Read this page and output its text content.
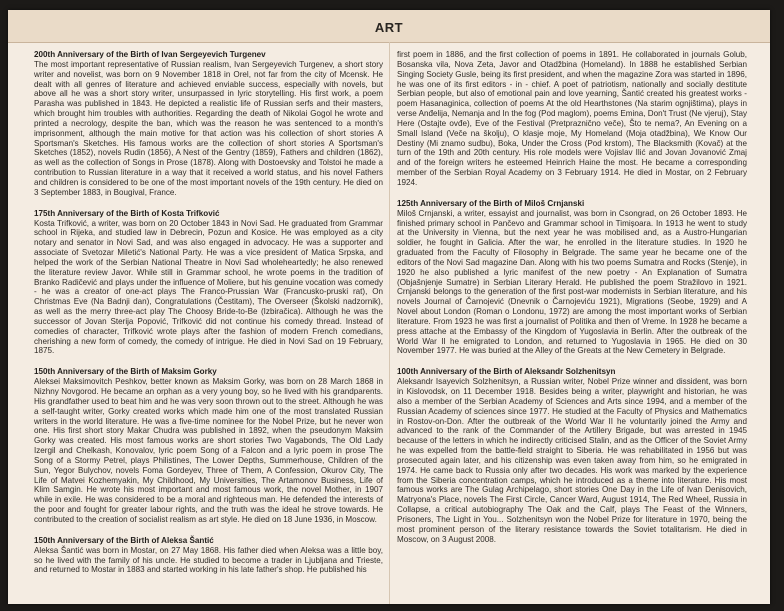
ART
200th Anniversary of the Birth of Ivan Sergeyevich Turgenev

The most important representative of Russian realism, Ivan Sergeyevich Turgenev, a short story writer and novelist, was born on 9 November 1818 in Orel, not far from the city of Mcensk. He dealt with all genres of literature and achieved enviable success, especially with novels, but above all he was a short story writer, unsurpassed in lyric storytelling. His first work, a poem Parasha was published in 1843. He depicted a realistic life of Russian serfs and their masters, which brought him troubles with authorities. Regarding the death of Nikolai Gogol he wrote and printed a necrology, despite the ban, which was the reason he was sentenced to a month's imprisonment, although the main motive for that action was his collection of short stories A Sportsman's Sketches. His famous works are the collection of short stories A Sportsman's Sketches (1852), novels Rudin (1856), A Nest of the Gentry (1859), Fathers and children (1862), as well as the collection of Songs in Prose (1878). Along with Dostoevsky and Tolstoi he made a contribution to Russian literature in a way that it received a world status, and his novel Fathers and children is considered to be one of the most important novels of the 19th century. He died on 3 September 1883, in Bougival, France.

175th Anniversary of the Birth of Kosta Trifković

Kosta Trifković, a writer, was born on 20 October 1843 in Novi Sad. He graduated from Grammar school in Rijeka, and studied law in Debrecin, Pozun and Kosice. He was employed as a city notary and senator in Novi Sad, and was also engaged in advocacy. He was a supporter and associate of Svetozar Miletić's National Party. He was a vice president of Matica Srpska, and helped the work of the Serbian National Theatre in Novi Sad wholeheartedly; he also renewed the literature review Javor. While still in Grammar school, he wrote poems in the tradition of Branko Radičević and plays under the influence of Moliere, but his genuine vocation was comedy - he was a creator of one-act plays The Franco-Prussian War (Francusko-pruski rat), On Christmas Eve (Na Badnji dan), Congratulations (Čestitam), The Overseer (Školski nadzornik), as well as the merry three-act play The Choosy Bride-to-Be (Izbiračica). Although he was the successor of Jovan Sterija Popović, Trifković did not continue his comedy thread. Instead of comedies of character, Trifković wrote plays after the fashion of modern French comedians, cherishing a new form of comedy, the comedy of intrigue. He died in Novi Sad on 19 February, 1875.

150th Anniversary of the Birth of Maksim Gorky

Aleksei Maksimovitch Peshkov, better known as Maksim Gorky, was born on 28 March 1868 in Nizhny Novgorod. He became an orphan as a very young boy, so he lived with his grandparents. His grandfather used to beat him and he was very soon thrown out to the street. Although he was a self-taught writer, Gorky created works which made him one of the most translated Russian writers in the world literature. He was a five-time nominee for the Nobel Prize, but he never won one. His first short story Makar Chudra was published in 1892, when the pseudonym Maksim Gorky was created. His most famous works are short stories Two Vagabonds, The Old Lady Izergil and Chelkash, Konovalov, lyric poem Song of a Falcon and a lyric poem in prose The Song of a Stormy Petrel, plays Philistines, The Lower Depths, Summerhouse, Children of the Sun, Yegor Bulychov, novels Foma Gordeyev, Three of Them, A Confession, Okurov City, The Life of Matvei Kozhemyakin, My Childhood, My Universities, The Artamonov Business, Life of Klim Samgin. He wrote his most important and most famous work, the novel Mother, in 1907 while in exile. He was considered to be a moral and righteous man. He defended the interests of the poor and fought for greater labour rights, and the truth was the ideal he strove towards. He contributed to the creation of socialist realism as art style. He died on 18 June 1936, in Moscow.

150th Anniversary of the Birth of Aleksa Šantić

Aleksa Šantić was born in Mostar, on 27 May 1868. His father died when Aleksa was a little boy, so he lived with the family of his uncle. He studied to become a trader in Ljubljana and Trieste, and returned to Mostar in 1883 and started working in his late father's shop. He published his

first poem in 1886, and the first collection of poems in 1891. He collaborated in journals Golub, Bosanska vila, Nova Zeta, Javor and Otadžbina (Homeland). In 1888 he established Serbian Singing Society Gusle, being its first president, and when the magazine Zora was started in 1896, he was one of its first editors - in - chief. A poet of patriotism, nationally and socially destitute Serbian people, but also of emotional pain and love yearning, Šantić created his greatest works - poem Hasanaginica, collection of poems At the old Hearthstones (Na starim ognjištima), plays in verse Anđelija, Nemanja and In the fog (Pod maglom), poems Emina, Don't Trust (Ne vjeruj), Stay Here (Ostajte ovđe), Eve of the Festival (Pretpraznično veče), Što te nema?, An Evening on a Small Island (Veče na školju), O klasje moje, My Homeland (Moja otadžbina), We Know Our Destiny (Mi znamo sudbu), Boka, Under the Cross (Pod krstom), The Blacksmith (Kovač) at the turn of the 19th and 20th century. His role models were Vojislav Ilić and Jovan Jovanović Zmaj and of the foreign writers he esteemed Heinrich Haine the most. He became a corresponding member of the Serbian Royal Academy on 3 February 1914. He died in Mostar, on 2 February 1924.

125th Anniversary of the Birth of Miloš Crnjanski

Miloš Crnjanski, a writer, essayist and journalist, was born in Csongrad, on 26 October 1893. He finished primary school in Pančevo and Grammar school in Timișoara. In 1913 he went to study at the University in Vienna, but the next year he was mobilised and, as a Austro-Hungarian soldier, he fought in Galicia. After the war, he enrolled in the literature studies. In 1920 he graduated from the Faculty of Filosophy in Belgrade. The same year he became one of the editors of the Novi Sad magazine Dan. Along with his two poems Sumatra and Rocks (Stenje), in 1920 he also published a lyric manifest of the new poetry - An Explanation of Sumatra (Objašnjenje Sumatre) in Serbian Literary Herald. He published the poem Stražilovo in 1921. Crnjanski belongs to the generation of the first post-war modernists in Serbian literature, and his novels Journal of Čarnojević (Dnevnik o Čarnojeviću 1921), Migrations (Seobe, 1929) and A Novel about London (Roman o Londonu, 1972) are among the most important works of Serbian literature. From 1923 he was first a journalist of Politika and then of Vreme. In 1928 he became a press attache at the Embassy of the Kingdom of Yugoslavia in Berlin. After the outbreak of the World War II he emigrated to London, and returned to Yugoslavia in 1965. He died on 30 November 1977. He was buried at the Alley of the Greats at the New Cemetery in Belgrade.

100th Anniversary of the Birth of Aleksandr Solzhenitsyn

Aleksandr Isayevich Solzhenitsyn, a Russian writer, Nobel Prize winner and dissident, was born in Kislovodsk, on 11 December 1918. Besides being a writer, playwright and historian, he was also a member of the Serbian Academy of Sciences and Arts since 1994, and a member of the Russian Academy of sciences since 1977. He studied at the Faculty of Physics and Mathematics in Rostov-on-Don. After the outbreak of the World War II he voluntarily joined the Army and advanced to the rank of the Commander of the Artillery Brigade, but was arrested in 1945 because of the letters in which he indirectly criticised Stalin, and as the Officer of the Soviet Army he was expelled from the battle-field straight to Siberia. He was rehabilitated in 1956 but was prosecuted again later, and his citizenship was even taken away from him, so he emigrated in 1974. He came back to Russia only after two decades. His work was marked by the experience from the Siberia concentration camps, which he introduced as a theme into literature. His most famous works are The Gulag Archipelago, short stories One Day in the Life of Ivan Denisovich, Matryona's Place, novels The First Circle, Cancer Ward, August 1914, The Red Wheel, Russia in Collapse, a critical autobiography The Oak and the Calf, plays The Feast of the Winners, Prisoners, The Light in You... Solzhenitsyn won the Nobel Prize for literature in 1970, being the most prominent person of the literary resistance towards the Soviet totalitarism. He died in Moscow, on 3 August 2008.
